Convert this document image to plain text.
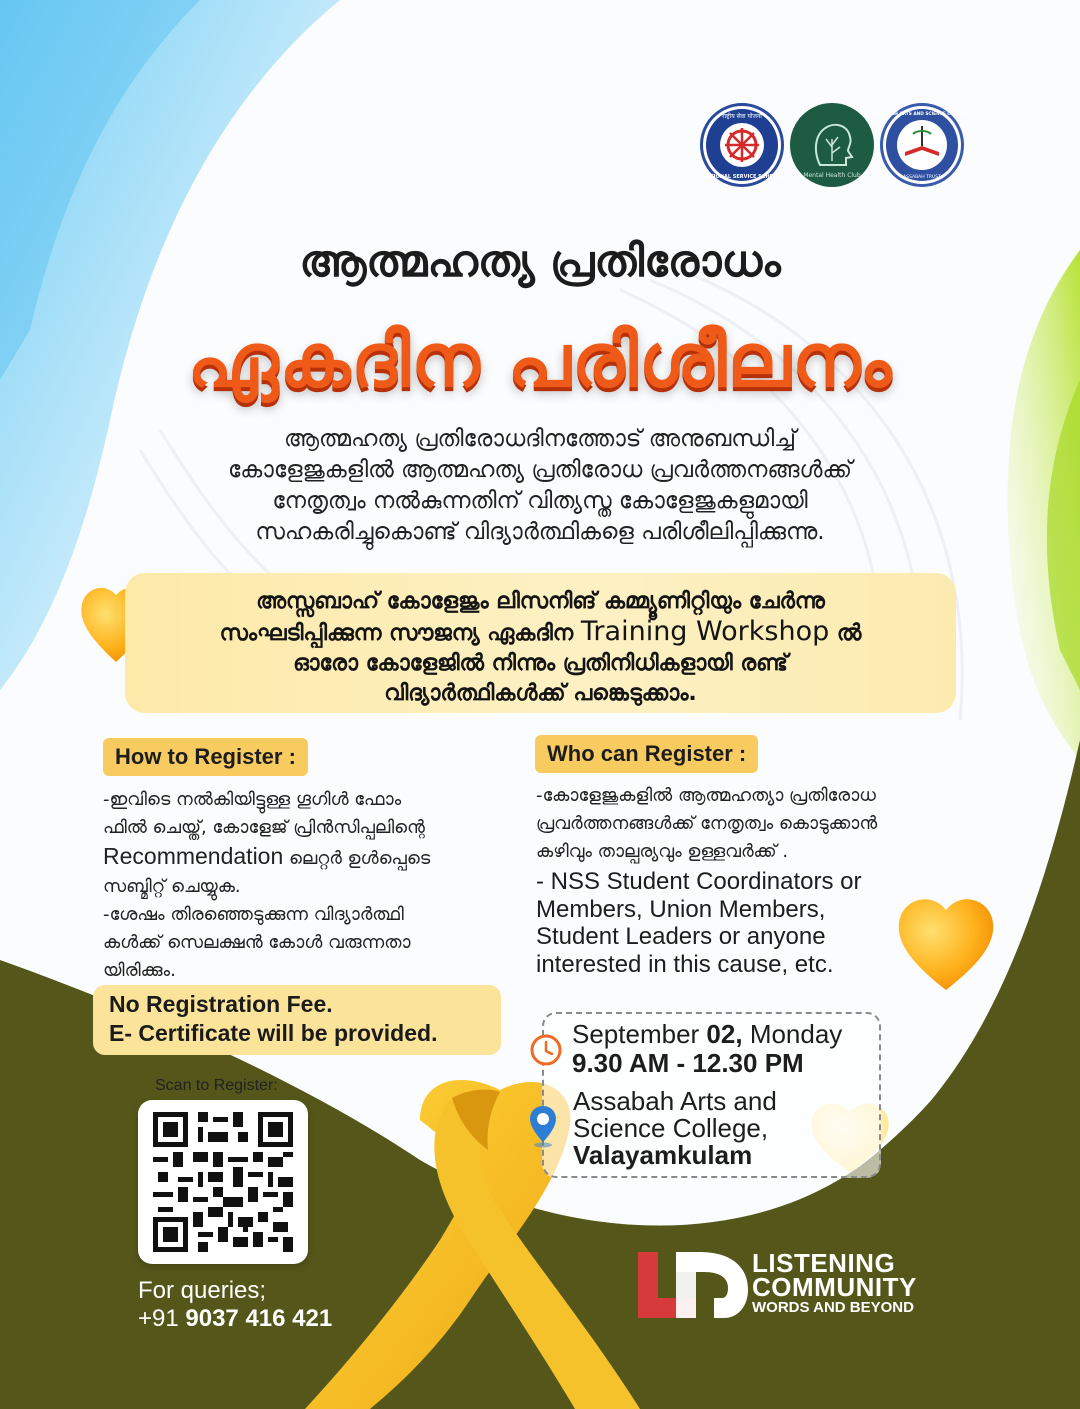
राष्ट्रीय सेवा योजना
NATIONAL SERVICE SCHEME	Mental Health Club
ASSABAH ARTS AND SCIENCE COLLEGE
ASSABAH TRUST
ആത്മഹത്യ പ്രതിരോധം
ഏകദിന പരിശീലനം
ആത്മഹത്യ പ്രതിരോധദിനത്തോട് അനുബന്ധിച്ച്
കോളേജുകളിൽ ആത്മഹത്യ പ്രതിരോധ പ്രവർത്തനങ്ങൾക്ക്
നേതൃത്വം നൽകുന്നതിന് വിത്യസ്ത കോളേജുകളുമായി
സഹകരിച്ചുകൊണ്ട് വിദ്യാർത്ഥികളെ പരിശീലിപ്പിക്കുന്നു.
അസ്സബാഹ് കോളേജും ലിസനിങ് കമ്മ്യൂണിറ്റിയും ചേർന്നു
സംഘടിപ്പിക്കുന്ന സൗജന്യ ഏകദിന Training Workshop ൽ
ഓരോ കോളേജിൽ നിന്നും പ്രതിനിധികളായി രണ്ട്
വിദ്യാർത്ഥികൾക്ക് പങ്കെടുക്കാം.
How to Register :
-ഇവിടെ നൽകിയിട്ടുള്ള ഗൂഗിൾ ഫോം
ഫിൽ ചെയ്ത്, കോളേജ് പ്രിൻസിപ്പലിന്റെ
Recommendation ലെറ്റർ ഉൾപ്പെടെ
സബ്മിറ്റ് ചെയ്യുക.
-ശേഷം തിരഞ്ഞെടുക്കുന്ന വിദ്യാർത്ഥി
കൾക്ക് സെലക്ഷൻ കോൾ വരുന്നതാ
യിരിക്കും.
Who can Register :
-കോളേജുകളിൽ ആത്മഹത്യാ പ്രതിരോധ
പ്രവർത്തനങ്ങൾക്ക് നേതൃത്വം കൊടുക്കാൻ
കഴിവും താല്പര്യവും ഉള്ളവർക്ക് .
- NSS Student Coordinators or
Members, Union Members,
Student Leaders or anyone
interested in this cause, etc.
No Registration Fee.
E- Certificate will be provided.	September 02, Monday
9.30 AM - 12.30 PM
Assabah Arts and
Science College,
Valayamkulam
Scan to Register:
For queries;
+91 9037 416 421
LISTENING
COMMUNITY
WORDS AND BEYOND
